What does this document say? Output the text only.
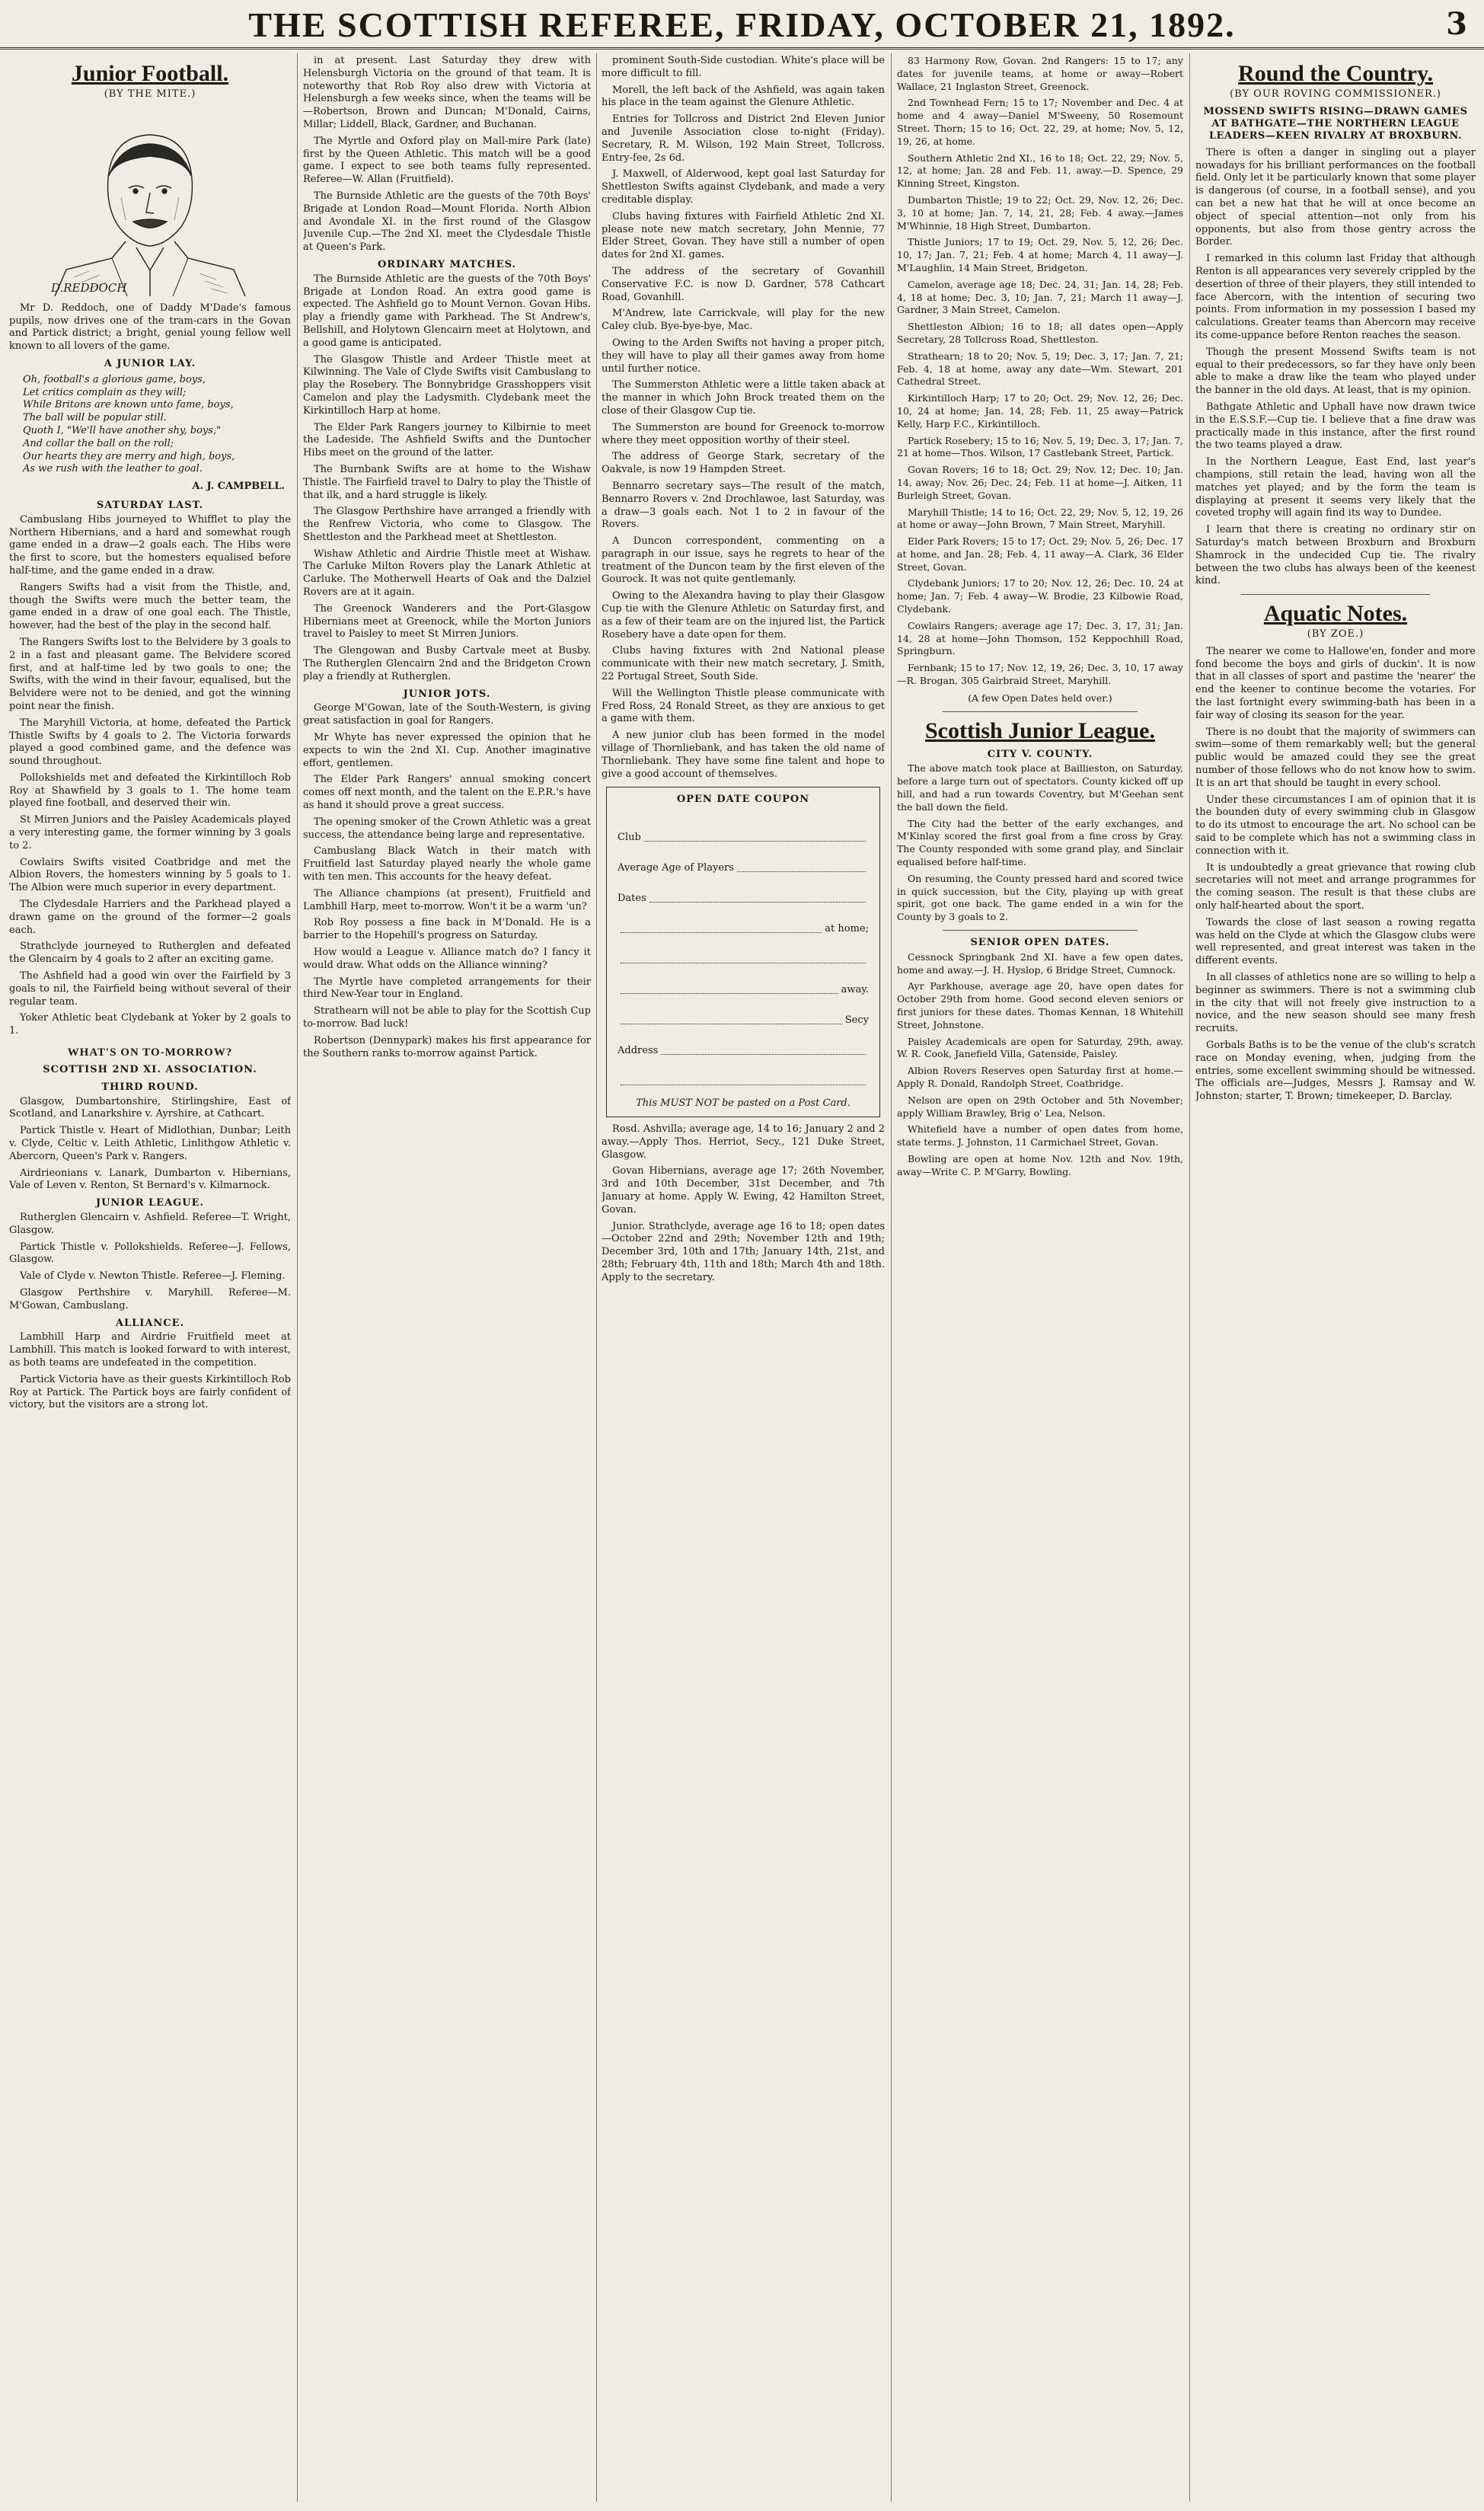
THE SCOTTISH REFEREE, FRIDAY, OCTOBER 21, 1892.	3
Junior Football.
(BY THE MITE.)
D.REDDOCH

Mr D. Reddoch, one of Daddy M'Dade's famous pupils, now drives one of the tram-cars in the Govan and Partick district; a bright, genial young fellow well known to all lovers of the game.

A JUNIOR LAY.
Oh, football's a glorious game, boys,
Let critics complain as they will;
While Britons are known unto fame, boys,
The ball will be popular still.
Quoth I, "We'll have another shy, boys,"
And collar the ball on the roll;
Our hearts they are merry and high, boys,
As we rush with the leather to goal.
A. J. CAMPBELL.
SATURDAY LAST.

Cambuslang Hibs journeyed to Whifflet to play the Northern Hibernians, and a hard and somewhat rough game ended in a draw—2 goals each. The Hibs were the first to score, but the homesters equalised before half-time, and the game ended in a draw.

Rangers Swifts had a visit from the Thistle, and, though the Swifts were much the better team, the game ended in a draw of one goal each. The Thistle, however, had the best of the play in the second half.

The Rangers Swifts lost to the Belvidere by 3 goals to 2 in a fast and pleasant game. The Belvidere scored first, and at half-time led by two goals to one; the Swifts, with the wind in their favour, equalised, but the Belvidere were not to be denied, and got the winning point near the finish.

The Maryhill Victoria, at home, defeated the Partick Thistle Swifts by 4 goals to 2. The Victoria forwards played a good combined game, and the defence was sound throughout.

Pollokshields met and defeated the Kirkintilloch Rob Roy at Shawfield by 3 goals to 1. The home team played fine football, and deserved their win.

St Mirren Juniors and the Paisley Academicals played a very interesting game, the former winning by 3 goals to 2.

Cowlairs Swifts visited Coatbridge and met the Albion Rovers, the homesters winning by 5 goals to 1. The Albion were much superior in every department.

The Clydesdale Harriers and the Parkhead played a drawn game on the ground of the former—2 goals each.

Strathclyde journeyed to Rutherglen and defeated the Glencairn by 4 goals to 2 after an exciting game.

The Ashfield had a good win over the Fairfield by 3 goals to nil, the Fairfield being without several of their regular team.

Yoker Athletic beat Clydebank at Yoker by 2 goals to 1.

WHAT'S ON TO-MORROW?
SCOTTISH 2ND XI. ASSOCIATION.
THIRD ROUND.

Glasgow, Dumbartonshire, Stirlingshire, East of Scotland, and Lanarkshire v. Ayrshire, at Cathcart.

Partick Thistle v. Heart of Midlothian, Dunbar; Leith v. Clyde, Celtic v. Leith Athletic, Linlithgow Athletic v. Abercorn, Queen's Park v. Rangers.

Airdrieonians v. Lanark, Dumbarton v. Hibernians, Vale of Leven v. Renton, St Bernard's v. Kilmarnock.

JUNIOR LEAGUE.

Rutherglen Glencairn v. Ashfield. Referee—T. Wright, Glasgow.

Partick Thistle v. Pollokshields. Referee—J. Fellows, Glasgow.

Vale of Clyde v. Newton Thistle. Referee—J. Fleming.

Glasgow Perthshire v. Maryhill. Referee—M. M'Gowan, Cambuslang.

ALLIANCE.

Lambhill Harp and Airdrie Fruitfield meet at Lambhill. This match is looked forward to with interest, as both teams are undefeated in the competition.

Partick Victoria have as their guests Kirkintilloch Rob Roy at Partick. The Partick boys are fairly confident of victory, but the visitors are a strong lot.

in at present. Last Saturday they drew with Helensburgh Victoria on the ground of that team. It is noteworthy that Rob Roy also drew with Victoria at Helensburgh a few weeks since, when the teams will be—Robertson, Brown and Duncan; M'Donald, Cairns, Millar; Liddell, Black, Gardner, and Buchanan.

The Myrtle and Oxford play on Mall-mire Park (late) first by the Queen Athletic. This match will be a good game. I expect to see both teams fully represented. Referee—W. Allan (Fruitfield).

The Burnside Athletic are the guests of the 70th Boys' Brigade at London Road—Mount Florida. North Albion and Avondale XI. in the first round of the Glasgow Juvenile Cup.—The 2nd XI. meet the Clydesdale Thistle at Queen's Park.

ORDINARY MATCHES.

The Burnside Athletic are the guests of the 70th Boys' Brigade at London Road. An extra good game is expected. The Ashfield go to Mount Vernon. Govan Hibs. play a friendly game with Parkhead. The St Andrew's, Bellshill, and Holytown Glencairn meet at Holytown, and a good game is anticipated.

The Glasgow Thistle and Ardeer Thistle meet at Kilwinning. The Vale of Clyde Swifts visit Cambuslang to play the Rosebery. The Bonnybridge Grasshoppers visit Camelon and play the Ladysmith. Clydebank meet the Kirkintilloch Harp at home.

The Elder Park Rangers journey to Kilbirnie to meet the Ladeside. The Ashfield Swifts and the Duntocher Hibs meet on the ground of the latter.

The Burnbank Swifts are at home to the Wishaw Thistle. The Fairfield travel to Dalry to play the Thistle of that ilk, and a hard struggle is likely.

The Glasgow Perthshire have arranged a friendly with the Renfrew Victoria, who come to Glasgow. The Shettleston and the Parkhead meet at Shettleston.

Wishaw Athletic and Airdrie Thistle meet at Wishaw. The Carluke Milton Rovers play the Lanark Athletic at Carluke. The Motherwell Hearts of Oak and the Dalziel Rovers are at it again.

The Greenock Wanderers and the Port-Glasgow Hibernians meet at Greenock, while the Morton Juniors travel to Paisley to meet St Mirren Juniors.

The Glengowan and Busby Cartvale meet at Busby. The Rutherglen Glencairn 2nd and the Bridgeton Crown play a friendly at Rutherglen.

JUNIOR JOTS.

George M'Gowan, late of the South-Western, is giving great satisfaction in goal for Rangers.

Mr Whyte has never expressed the opinion that he expects to win the 2nd XI. Cup. Another imaginative effort, gentlemen.

The Elder Park Rangers' annual smoking concert comes off next month, and the talent on the E.P.R.'s have as hand it should prove a great success.

The opening smoker of the Crown Athletic was a great success, the attendance being large and representative.

Cambuslang Black Watch in their match with Fruitfield last Saturday played nearly the whole game with ten men. This accounts for the heavy defeat.

The Alliance champions (at present), Fruitfield and Lambhill Harp, meet to-morrow. Won't it be a warm 'un?

Rob Roy possess a fine back in M'Donald. He is a barrier to the Hopehill's progress on Saturday.

How would a League v. Alliance match do? I fancy it would draw. What odds on the Alliance winning?

The Myrtle have completed arrangements for their third New-Year tour in England.

Strathearn will not be able to play for the Scottish Cup to-morrow. Bad luck!

Robertson (Dennypark) makes his first appearance for the Southern ranks to-morrow against Partick.

prominent South-Side custodian. White's place will be more difficult to fill.

Morell, the left back of the Ashfield, was again taken his place in the team against the Glenure Athletic.

Entries for Tollcross and District 2nd Eleven Junior and Juvenile Association close to-night (Friday). Secretary, R. M. Wilson, 192 Main Street, Tollcross. Entry-fee, 2s 6d.

J. Maxwell, of Alderwood, kept goal last Saturday for Shettleston Swifts against Clydebank, and made a very creditable display.

Clubs having fixtures with Fairfield Athletic 2nd XI. please note new match secretary, John Mennie, 77 Elder Street, Govan. They have still a number of open dates for 2nd XI. games.

The address of the secretary of Govanhill Conservative F.C. is now D. Gardner, 578 Cathcart Road, Govanhill.

M'Andrew, late Carrickvale, will play for the new Caley club. Bye-bye-bye, Mac.

Owing to the Arden Swifts not having a proper pitch, they will have to play all their games away from home until further notice.

The Summerston Athletic were a little taken aback at the manner in which John Brock treated them on the close of their Glasgow Cup tie.

The Summerston are bound for Greenock to-morrow where they meet opposition worthy of their steel.

The address of George Stark, secretary of the Oakvale, is now 19 Hampden Street.

Bennarro secretary says—The result of the match, Bennarro Rovers v. 2nd Drochlawoe, last Saturday, was a draw—3 goals each. Not 1 to 2 in favour of the Rovers.

A Duncon correspondent, commenting on a paragraph in our issue, says he regrets to hear of the treatment of the Duncon team by the first eleven of the Gourock. It was not quite gentlemanly.

Owing to the Alexandra having to play their Glasgow Cup tie with the Glenure Athletic on Saturday first, and as a few of their team are on the injured list, the Partick Rosebery have a date open for them.

Clubs having fixtures with 2nd National please communicate with their new match secretary, J. Smith, 22 Portugal Street, South Side.

Will the Wellington Thistle please communicate with Fred Ross, 24 Ronald Street, as they are anxious to get a game with them.

A new junior club has been formed in the model village of Thornliebank, and has taken the old name of Thornliebank. They have some fine talent and hope to give a good account of themselves.

OPEN DATE COUPON
Club
Average Age of Players
Dates
at home;
away.
Secy
Address
This MUST NOT be pasted on a Post Card.

Rosd. Ashvilla; average age, 14 to 16; January 2 and 2 away.—Apply Thos. Herriot, Secy., 121 Duke Street, Glasgow.

Govan Hibernians, average age 17; 26th November, 3rd and 10th December, 31st December, and 7th January at home. Apply W. Ewing, 42 Hamilton Street, Govan.

Junior. Strathclyde, average age 16 to 18; open dates—October 22nd and 29th; November 12th and 19th; December 3rd, 10th and 17th; January 14th, 21st, and 28th; February 4th, 11th and 18th; March 4th and 18th. Apply to the secretary.

83 Harmony Row, Govan. 2nd Rangers: 15 to 17; any dates for juvenile teams, at home or away—Robert Wallace, 21 Inglaston Street, Greenock.

2nd Townhead Fern; 15 to 17; November and Dec. 4 at home and 4 away—Daniel M'Sweeny, 50 Rosemount Street. Thorn; 15 to 16; Oct. 22, 29, at home; Nov. 5, 12, 19, 26, at home.

Southern Athletic 2nd XI., 16 to 18; Oct. 22, 29; Nov. 5, 12, at home; Jan. 28 and Feb. 11, away.—D. Spence, 29 Kinning Street, Kingston.

Dumbarton Thistle; 19 to 22; Oct. 29, Nov. 12, 26; Dec. 3, 10 at home; Jan. 7, 14, 21, 28; Feb. 4 away.—James M'Whinnie, 18 High Street, Dumbarton.

Thistle Juniors; 17 to 19; Oct. 29, Nov. 5, 12, 26; Dec. 10, 17; Jan. 7, 21; Feb. 4 at home; March 4, 11 away—J. M'Laughlin, 14 Main Street, Bridgeton.

Camelon, average age 18; Dec. 24, 31; Jan. 14, 28; Feb. 4, 18 at home; Dec. 3, 10; Jan. 7, 21; March 11 away—J. Gardner, 3 Main Street, Camelon.

Shettleston Albion; 16 to 18; all dates open—Apply Secretary, 28 Tollcross Road, Shettleston.

Strathearn; 18 to 20; Nov. 5, 19; Dec. 3, 17; Jan. 7, 21; Feb. 4, 18 at home, away any date—Wm. Stewart, 201 Cathedral Street.

Kirkintilloch Harp; 17 to 20; Oct. 29; Nov. 12, 26; Dec. 10, 24 at home; Jan. 14, 28; Feb. 11, 25 away—Patrick Kelly, Harp F.C., Kirkintilloch.

Partick Rosebery; 15 to 16; Nov. 5, 19; Dec. 3, 17; Jan. 7, 21 at home—Thos. Wilson, 17 Castlebank Street, Partick.

Govan Rovers; 16 to 18; Oct. 29; Nov. 12; Dec. 10; Jan. 14, away; Nov. 26; Dec. 24; Feb. 11 at home—J. Aitken, 11 Burleigh Street, Govan.

Maryhill Thistle; 14 to 16; Oct. 22, 29; Nov. 5, 12, 19, 26 at home or away—John Brown, 7 Main Street, Maryhill.

Elder Park Rovers; 15 to 17; Oct. 29; Nov. 5, 26; Dec. 17 at home, and Jan. 28; Feb. 4, 11 away—A. Clark, 36 Elder Street, Govan.

Clydebank Juniors; 17 to 20; Nov. 12, 26; Dec. 10, 24 at home; Jan. 7; Feb. 4 away—W. Brodie, 23 Kilbowie Road, Clydebank.

Cowlairs Rangers; average age 17; Dec. 3, 17, 31; Jan. 14, 28 at home—John Thomson, 152 Keppochhill Road, Springburn.

Fernbank; 15 to 17; Nov. 12, 19, 26; Dec. 3, 10, 17 away—R. Brogan, 305 Gairbraid Street, Maryhill.

(A few Open Dates held over.)
Scottish Junior League.
CITY V. COUNTY.

The above match took place at Baillieston, on Saturday, before a large turn out of spectators. County kicked off up hill, and had a run towards Coventry, but M'Geehan sent the ball down the field.

The City had the better of the early exchanges, and M'Kinlay scored the first goal from a fine cross by Gray. The County responded with some grand play, and Sinclair equalised before half-time.

On resuming, the County pressed hard and scored twice in quick succession, but the City, playing up with great spirit, got one back. The game ended in a win for the County by 3 goals to 2.

SENIOR OPEN DATES.

Cessnock Springbank 2nd XI. have a few open dates, home and away.—J. H. Hyslop, 6 Bridge Street, Cumnock.

Ayr Parkhouse, average age 20, have open dates for October 29th from home. Good second eleven seniors or first juniors for these dates. Thomas Kennan, 18 Whitehill Street, Johnstone.

Paisley Academicals are open for Saturday, 29th, away. W. R. Cook, Janefield Villa, Gatenside, Paisley.

Albion Rovers Reserves open Saturday first at home.—Apply R. Donald, Randolph Street, Coatbridge.

Nelson are open on 29th October and 5th November; apply William Brawley, Brig o' Lea, Nelson.

Whitefield have a number of open dates from home, state terms. J. Johnston, 11 Carmichael Street, Govan.

Bowling are open at home Nov. 12th and Nov. 19th, away—Write C. P. M'Garry, Bowling.

Round the Country.
(BY OUR ROVING COMMISSIONER.)
MOSSEND SWIFTS RISING—DRAWN GAMES AT BATHGATE—THE NORTHERN LEAGUE LEADERS—KEEN RIVALRY AT BROXBURN.

There is often a danger in singling out a player nowadays for his brilliant performances on the football field. Only let it be particularly known that some player is dangerous (of course, in a football sense), and you can bet a new hat that he will at once become an object of special attention—not only from his opponents, but also from those gentry across the Border.

I remarked in this column last Friday that although Renton is all appearances very severely crippled by the desertion of three of their players, they still intended to face Abercorn, with the intention of securing two points. From information in my possession I based my calculations. Greater teams than Abercorn may receive its come-uppance before Renton reaches the season.

Though the present Mossend Swifts team is not equal to their predecessors, so far they have only been able to make a draw like the team who played under the banner in the old days. At least, that is my opinion.

Bathgate Athletic and Uphall have now drawn twice in the E.S.S.F.—Cup tie. I believe that a fine draw was practically made in this instance, after the first round the two teams played a draw.

In the Northern League, East End, last year's champions, still retain the lead, having won all the matches yet played; and by the form the team is displaying at present it seems very likely that the coveted trophy will again find its way to Dundee.

I learn that there is creating no ordinary stir on Saturday's match between Broxburn and Broxburn Shamrock in the undecided Cup tie. The rivalry between the two clubs has always been of the keenest kind.

Aquatic Notes.
(BY ZOE.)

The nearer we come to Hallowe'en, fonder and more fond become the boys and girls of duckin'. It is now that in all classes of sport and pastime the 'nearer' the end the keener to continue become the votaries. For the last fortnight every swimming-bath has been in a fair way of closing its season for the year.

There is no doubt that the majority of swimmers can swim—some of them remarkably well; but the general public would be amazed could they see the great number of those fellows who do not know how to swim. It is an art that should be taught in every school.

Under these circumstances I am of opinion that it is the bounden duty of every swimming club in Glasgow to do its utmost to encourage the art. No school can be said to be complete which has not a swimming class in connection with it.

It is undoubtedly a great grievance that rowing club secretaries will not meet and arrange programmes for the coming season. The result is that these clubs are only half-hearted about the sport.

Towards the close of last season a rowing regatta was held on the Clyde at which the Glasgow clubs were well represented, and great interest was taken in the different events.

In all classes of athletics none are so willing to help a beginner as swimmers. There is not a swimming club in the city that will not freely give instruction to a novice, and the new season should see many fresh recruits.

Gorbals Baths is to be the venue of the club's scratch race on Monday evening, when, judging from the entries, some excellent swimming should be witnessed. The officials are—Judges, Messrs J. Ramsay and W. Johnston; starter, T. Brown; timekeeper, D. Barclay.
